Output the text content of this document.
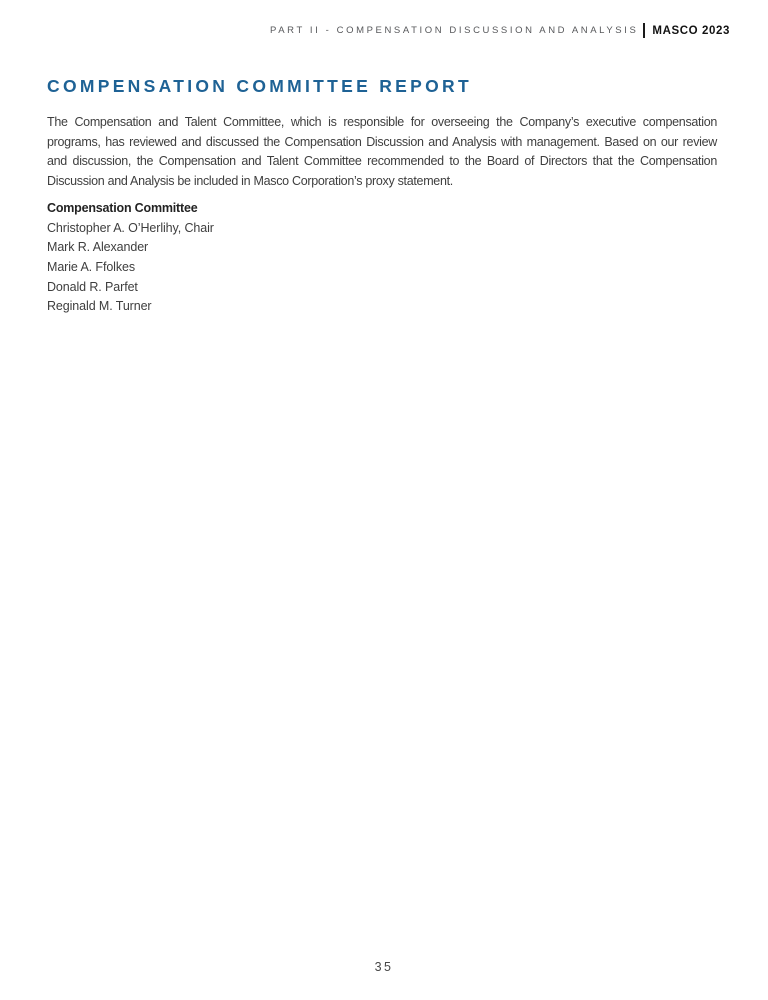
PART II - COMPENSATION DISCUSSION AND ANALYSIS MASCO 2023
COMPENSATION COMMITTEE REPORT

The Compensation and Talent Committee, which is responsible for overseeing the Company’s executive compensation programs, has reviewed and discussed the Compensation Discussion and Analysis with management. Based on our review and discussion, the Compensation and Talent Committee recommended to the Board of Directors that the Compensation Discussion and Analysis be included in Masco Corporation’s proxy statement.

Compensation Committee
Christopher A. O’Herlihy, Chair
Mark R. Alexander
Marie A. Ffolkes
Donald R. Parfet
Reginald M. Turner
35
